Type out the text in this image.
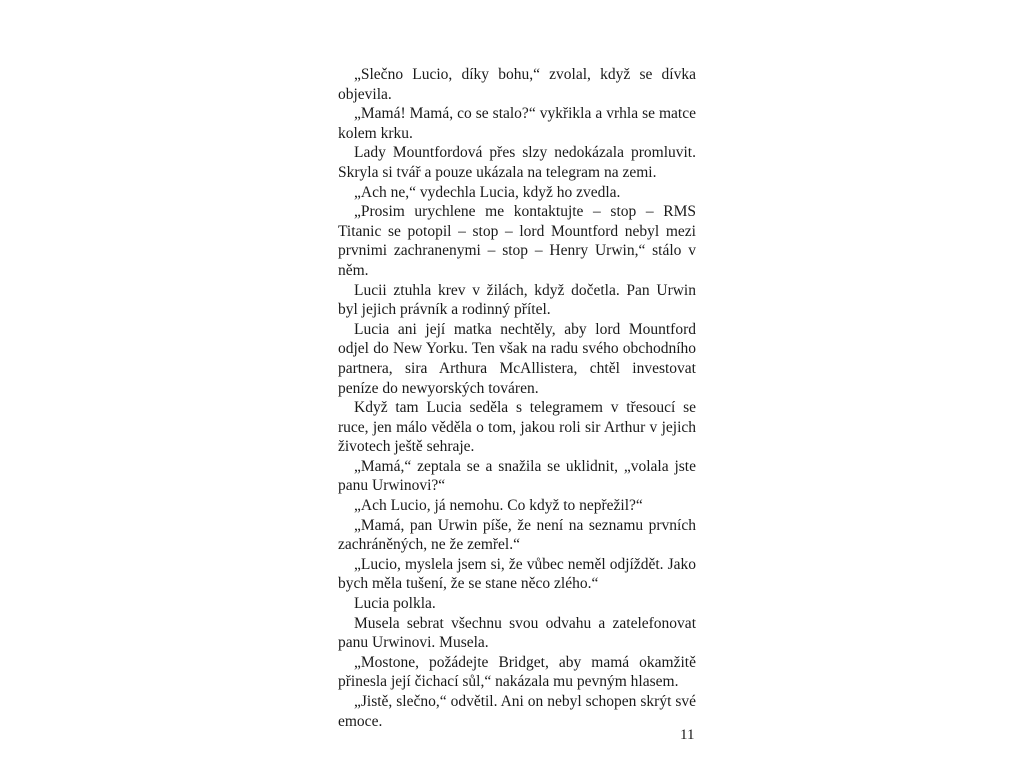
„Slečno Lucio, díky bohu,“ zvolal, když se dívka objevila.

„Mamá! Mamá, co se stalo?“ vykřikla a vrhla se matce kolem krku.

Lady Mountfordová přes slzy nedokázala promluvit. Skryla si tvář a pouze ukázala na telegram na zemi.

„Ach ne,“ vydechla Lucia, když ho zvedla.

„Prosim urychlene me kontaktujte – stop – RMS Titanic se potopil – stop – lord Mountford nebyl mezi prvnimi zachranenymi – stop – Henry Urwin,“ stálo v něm.

Lucii ztuhla krev v žilách, když dočetla. Pan Urwin byl jejich právník a rodinný přítel.

Lucia ani její matka nechtěly, aby lord Mountford odjel do New Yorku. Ten však na radu svého obchodního partnera, sira Arthura McAllistera, chtěl investovat peníze do newyorských továren.

Když tam Lucia seděla s telegramem v třesoucí se ruce, jen málo věděla o tom, jakou roli sir Arthur v jejich životech ještě sehraje.

„Mamá,“ zeptala se a snažila se uklidnit, „volala jste panu Urwinovi?“

„Ach Lucio, já nemohu. Co když to nepřežil?“

„Mamá, pan Urwin píše, že není na seznamu prvních zachráněných, ne že zemřel.“

„Lucio, myslela jsem si, že vůbec neměl odjíždět. Jako bych měla tušení, že se stane něco zlého.“

Lucia polkla.

Musela sebrat všechnu svou odvahu a zatelefonovat panu Urwinovi. Musela.

„Mostone, požádejte Bridget, aby mamá okamžitě přinesla její čichací sůl,“ nakázala mu pevným hlasem.

„Jistě, slečno,“ odvětil. Ani on nebyl schopen skrýt své emoce.

11
